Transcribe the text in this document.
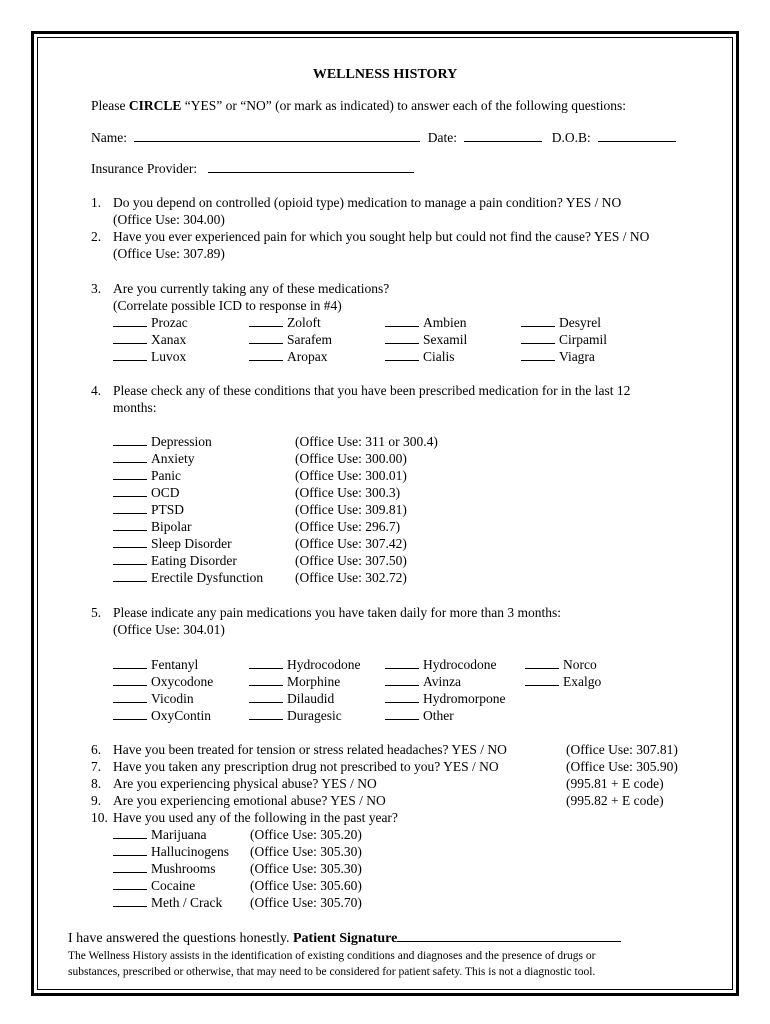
WELLNESS HISTORY
Please CIRCLE “YES” or “NO” (or mark as indicated) to answer each of the following questions:
Name:	Date:	D.O.B:
Insurance Provider:
1. Do you depend on controlled (opioid type) medication to manage a pain condition? YES / NO
(Office Use: 304.00)
2. Have you ever experienced pain for which you sought help but could not find the cause? YES / NO
(Office Use: 307.89)
3. Are you currently taking any of these medications?
(Correlate possible ICD to response in #4)
Prozac	Zoloft	Ambien	Desyrel
Xanax	Sarafem	Sexamil	Cirpamil
Luvox	Aropax	Cialis	Viagra
4. Please check any of these conditions that you have been prescribed medication for in the last 12
months:
Depression	(Office Use: 311 or 300.4)
Anxiety	(Office Use: 300.00)
Panic	(Office Use: 300.01)
OCD	(Office Use: 300.3)
PTSD	(Office Use: 309.81)
Bipolar	(Office Use: 296.7)
Sleep Disorder	(Office Use: 307.42)
Eating Disorder	(Office Use: 307.50)
Erectile Dysfunction (Office Use: 302.72)
5. Please indicate any pain medications you have taken daily for more than 3 months:
(Office Use: 304.01)
Fentanyl	Hydrocodone	Hydrocodone	Norco
Oxycodone	Morphine	Avinza	Exalgo
Vicodin	Dilaudid	Hydromorpone
OxyContin	Duragesic	Other
6. Have you been treated for tension or stress related headaches? YES / NO	(Office Use: 307.81)
7. Have you taken any prescription drug not prescribed to you? YES / NO	(Office Use: 305.90)
8. Are you experiencing physical abuse? YES / NO	(995.81 + E code)
9. Are you experiencing emotional abuse? YES / NO	(995.82 + E code)
10. Have you used any of the following in the past year?
Marijuana	(Office Use: 305.20)
Hallucinogens (Office Use: 305.30)
Mushrooms	(Office Use: 305.30)
Cocaine	(Office Use: 305.60)
Meth / Crack (Office Use: 305.70)
I have answered the questions honestly. Patient Signature
The Wellness History assists in the identification of existing conditions and diagnoses and the presence of drugs or
substances, prescribed or otherwise, that may need to be considered for patient safety. This is not a diagnostic tool.
